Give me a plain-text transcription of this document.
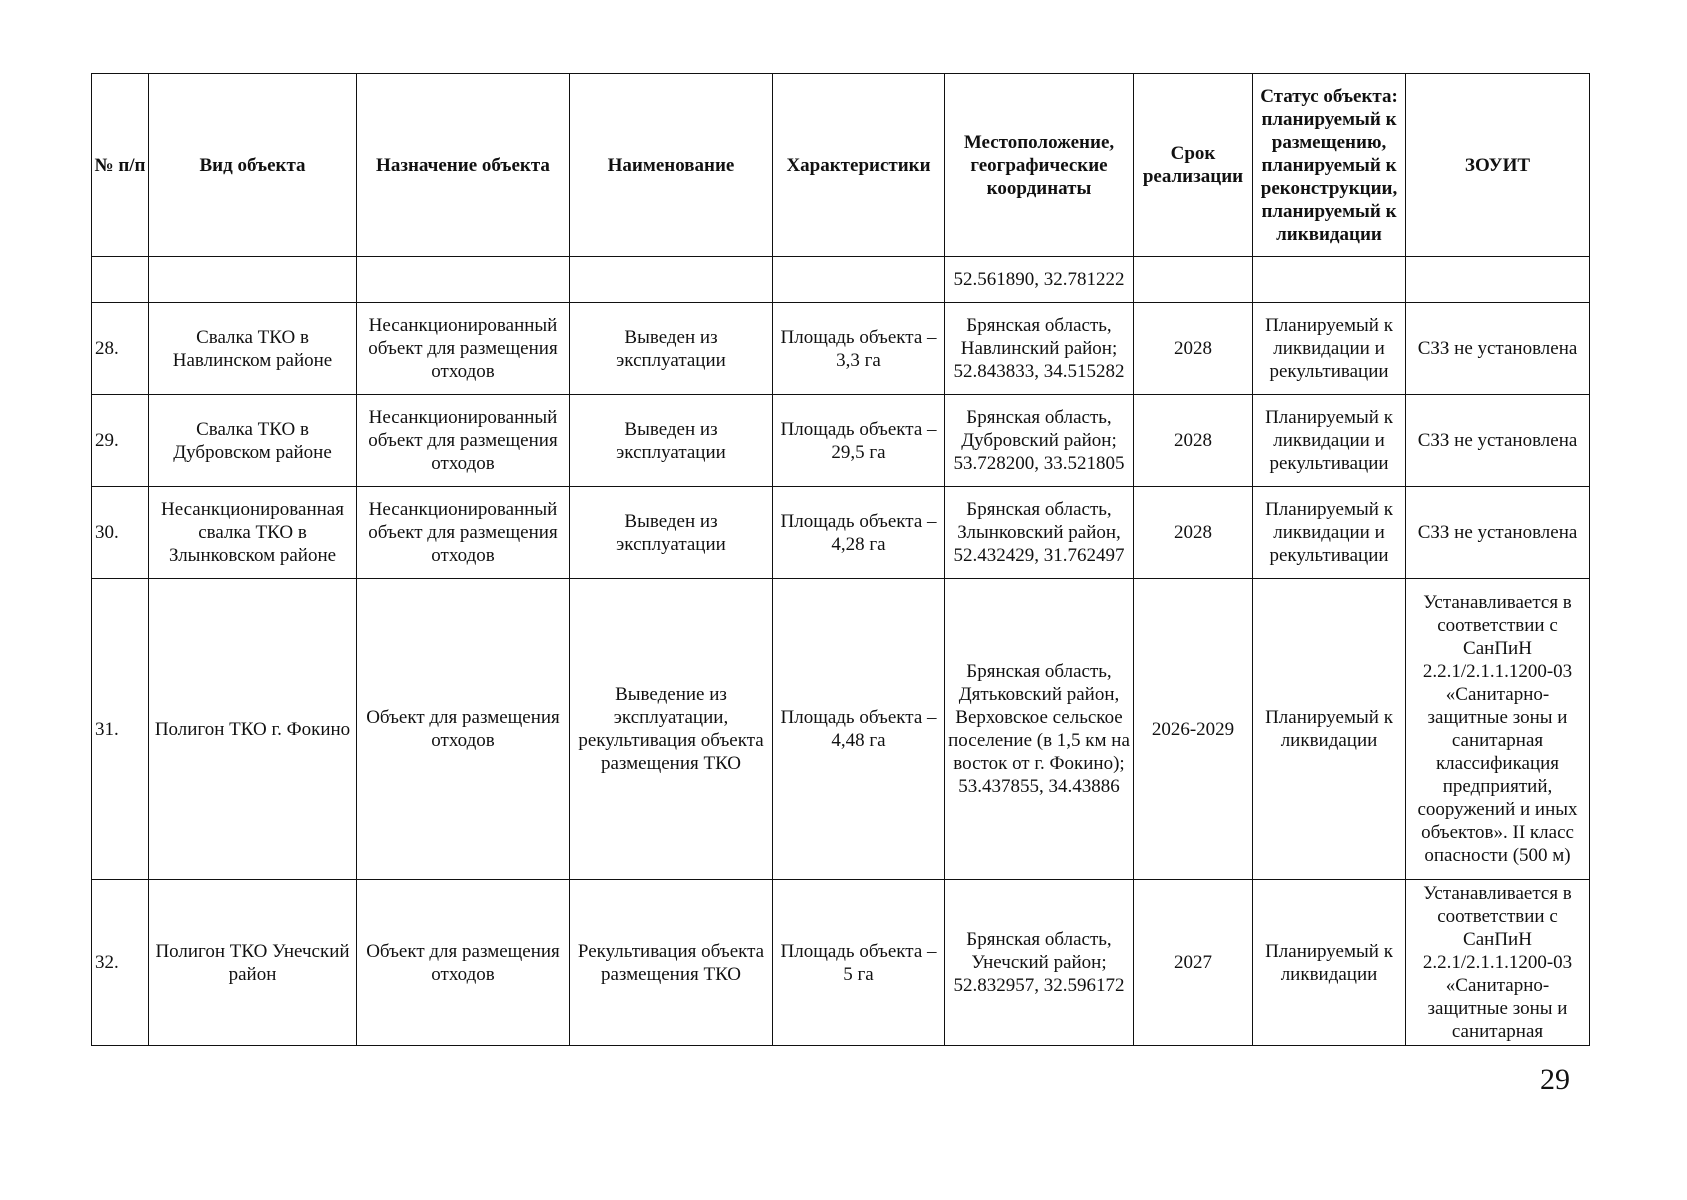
№ п/п	Вид объекта	Назначение объекта	Наименование	Характеристики	Местоположение, географические координаты	Срок реализации	Статус объекта: планируемый к размещению, планируемый к реконструкции, планируемый к ликвидации	ЗОУИТ
					52.561890, 32.781222			
28.	Свалка ТКО в Навлинском районе	Несанкционированный объект для размещения отходов	Выведен из эксплуатации	Площадь объекта – 3,3 га	Брянская область, Навлинский район; 52.843833, 34.515282	2028	Планируемый к ликвидации и рекультивации	СЗЗ не установлена
29.	Свалка ТКО в Дубровском районе	Несанкционированный объект для размещения отходов	Выведен из эксплуатации	Площадь объекта – 29,5 га	Брянская область, Дубровский район; 53.728200, 33.521805	2028	Планируемый к ликвидации и рекультивации	СЗЗ не установлена
30.	Несанкционированная свалка ТКО в Злынковском районе	Несанкционированный объект для размещения отходов	Выведен из эксплуатации	Площадь объекта – 4,28 га	Брянская область, Злынковский район, 52.432429, 31.762497	2028	Планируемый к ликвидации и рекультивации	СЗЗ не установлена
31.	Полигон ТКО г. Фокино	Объект для размещения отходов	Выведение из эксплуатации, рекультивация объекта размещения ТКО	Площадь объекта – 4,48 га	Брянская область, Дятьковский район, Верховское сельское поселение (в 1,5 км на восток от г. Фокино); 53.437855, 34.43886	2026-2029	Планируемый к ликвидации	Устанавливается в соответствии с СанПиН 2.2.1/2.1.1.1200-03 «Санитарно-защитные зоны и санитарная классификация предприятий, сооружений и иных объектов». II класс опасности (500 м)
32.	Полигон ТКО Унечский район	Объект для размещения отходов	Рекультивация объекта размещения ТКО	Площадь объекта – 5 га	Брянская область, Унечский район; 52.832957, 32.596172	2027	Планируемый к ликвидации	Устанавливается в соответствии с СанПиН 2.2.1/2.1.1.1200-03 «Санитарно-защитные зоны и санитарная
29
